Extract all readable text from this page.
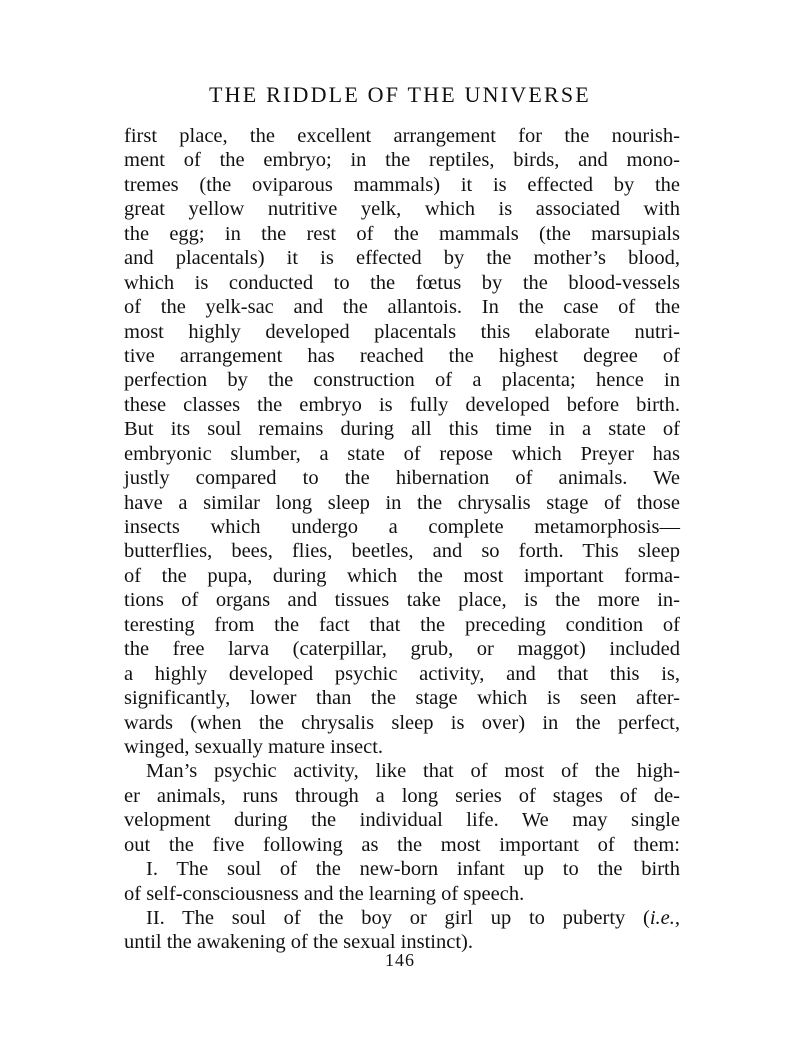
THE RIDDLE OF THE UNIVERSE
first place, the excellent arrangement for the nourish-
ment of the embryo; in the reptiles, birds, and mono-
tremes (the oviparous mammals) it is effected by the
great yellow nutritive yelk, which is associated with
the egg; in the rest of the mammals (the marsupials
and placentals) it is effected by the mother’s blood,
which is conducted to the fœtus by the blood-vessels
of the yelk-sac and the allantois. In the case of the
most highly developed placentals this elaborate nutri-
tive arrangement has reached the highest degree of
perfection by the construction of a placenta; hence in
these classes the embryo is fully developed before birth.
But its soul remains during all this time in a state of
embryonic slumber, a state of repose which Preyer has
justly compared to the hibernation of animals. We
have a similar long sleep in the chrysalis stage of those
insects which undergo a complete metamorphosis—
butterflies, bees, flies, beetles, and so forth. This sleep
of the pupa, during which the most important forma-
tions of organs and tissues take place, is the more in-
teresting from the fact that the preceding condition of
the free larva (caterpillar, grub, or maggot) included
a highly developed psychic activity, and that this is,
significantly, lower than the stage which is seen after-
wards (when the chrysalis sleep is over) in the perfect,
winged, sexually mature insect.
Man’s psychic activity, like that of most of the high-
er animals, runs through a long series of stages of de-
velopment during the individual life. We may single
out the five following as the most important of them:
I. The soul of the new-born infant up to the birth
of self-consciousness and the learning of speech.
II. The soul of the boy or girl up to puberty (i.e.,
until the awakening of the sexual instinct).
146
